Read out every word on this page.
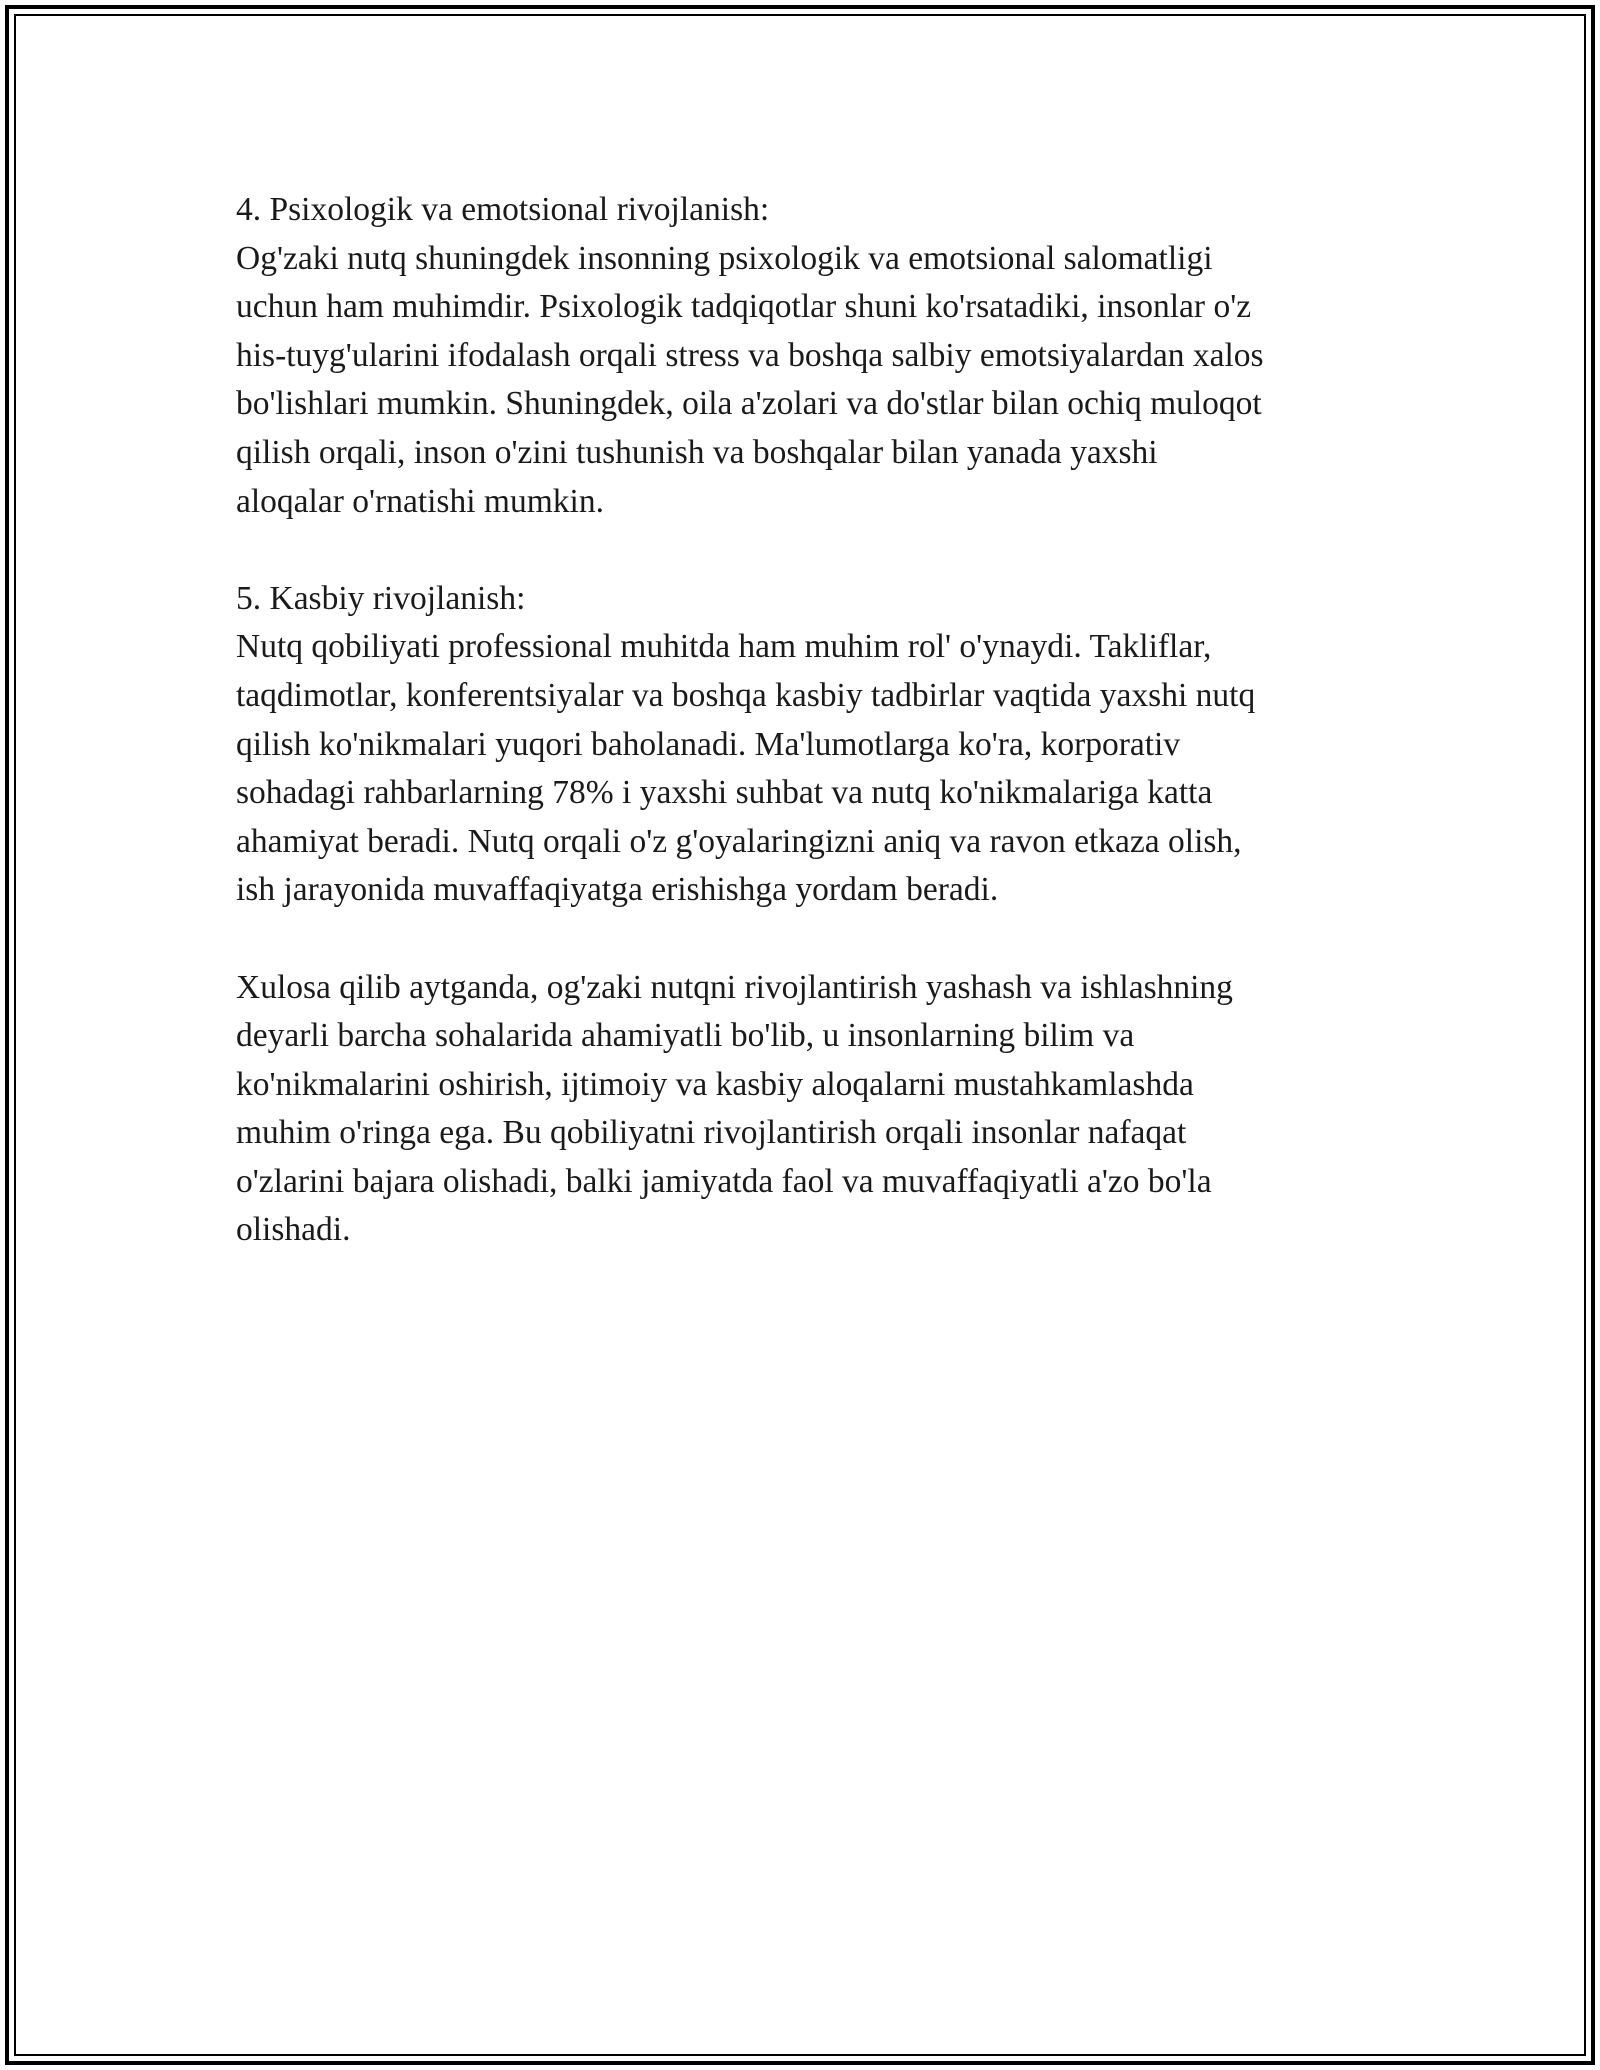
4. Psixologik va emotsional rivojlanish:
Og'zaki nutq shuningdek insonning psixologik va emotsional salomatligi
uchun ham muhimdir. Psixologik tadqiqotlar shuni ko'rsatadiki, insonlar o'z
his-tuyg'ularini ifodalash orqali stress va boshqa salbiy emotsiyalardan xalos
bo'lishlari mumkin. Shuningdek, oila a'zolari va do'stlar bilan ochiq muloqot
qilish orqali, inson o'zini tushunish va boshqalar bilan yanada yaxshi
aloqalar o'rnatishi mumkin.
5. Kasbiy rivojlanish:
Nutq qobiliyati professional muhitda ham muhim rol' o'ynaydi. Takliflar,
taqdimotlar, konferentsiyalar va boshqa kasbiy tadbirlar vaqtida yaxshi nutq
qilish ko'nikmalari yuqori baholanadi. Ma'lumotlarga ko'ra, korporativ
sohadagi rahbarlarning 78% i yaxshi suhbat va nutq ko'nikmalariga katta
ahamiyat beradi. Nutq orqali o'z g'oyalaringizni aniq va ravon etkaza olish,
ish jarayonida muvaffaqiyatga erishishga yordam beradi.
Xulosa qilib aytganda, og'zaki nutqni rivojlantirish yashash va ishlashning
deyarli barcha sohalarida ahamiyatli bo'lib, u insonlarning bilim va
ko'nikmalarini oshirish, ijtimoiy va kasbiy aloqalarni mustahkamlashda
muhim o'ringa ega. Bu qobiliyatni rivojlantirish orqali insonlar nafaqat
o'zlarini bajara olishadi, balki jamiyatda faol va muvaffaqiyatli a'zo bo'la
olishadi.
